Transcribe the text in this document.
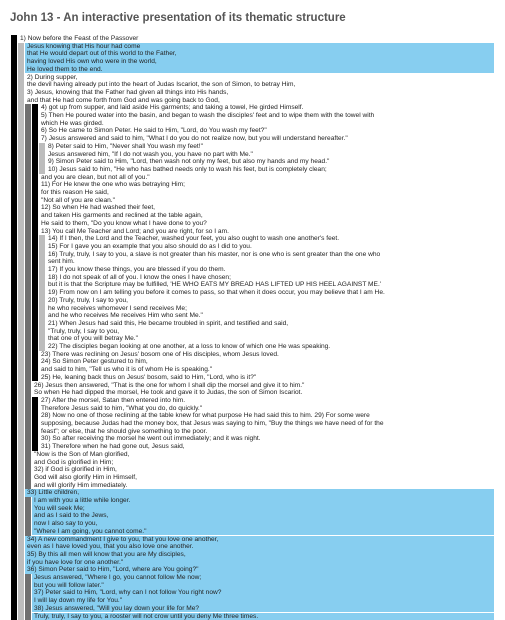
John 13 - An interactive presentation of its thematic structure
1) Now before the Feast of the Passover
Jesus knowing that His hour had come
that He would depart out of this world to the Father,
having loved His own who were in the world,
He loved them to the end.
2) During supper,
the devil having already put into the heart of Judas Iscariot, the son of Simon, to betray Him,
3) Jesus, knowing that the Father had given all things into His hands,
and that He had come forth from God and was going back to God,
4) got up from supper, and laid aside His garments; and taking a towel, He girded Himself.
5) Then He poured water into the basin, and began to wash the disciples' feet and to wipe them with the towel with
which He was girded.
6) So He came to Simon Peter. He said to Him, "Lord, do You wash my feet?"
7) Jesus answered and said to him, "What I do you do not realize now, but you will understand hereafter."
8) Peter said to Him, "Never shall You wash my feet!"
Jesus answered him, "If I do not wash you, you have no part with Me."
9) Simon Peter said to Him, "Lord, then wash not only my feet, but also my hands and my head."
10) Jesus said to him, "He who has bathed needs only to wash his feet, but is completely clean;
and you are clean, but not all of you."
11) For He knew the one who was betraying Him;
for this reason He said,
"Not all of you are clean."
12) So when He had washed their feet,
and taken His garments and reclined at the table again,
He said to them, "Do you know what I have done to you?
13) You call Me Teacher and Lord; and you are right, for so I am.
14) If I then, the Lord and the Teacher, washed your feet, you also ought to wash one another's feet.
15) For I gave you an example that you also should do as I did to you.
16) Truly, truly, I say to you, a slave is not greater than his master, nor is one who is sent greater than the one who
sent him.
17) If you know these things, you are blessed if you do them.
18) I do not speak of all of you. I know the ones I have chosen;
but it is that the Scripture may be fulfilled, 'HE WHO EATS MY BREAD HAS LIFTED UP HIS HEEL AGAINST ME.'
19) From now on I am telling you before it comes to pass, so that when it does occur, you may believe that I am He.
20) Truly, truly, I say to you,
he who receives whomever I send receives Me;
and he who receives Me receives Him who sent Me."
21) When Jesus had said this, He became troubled in spirit, and testified and said,
"Truly, truly, I say to you,
that one of you will betray Me."
22) The disciples began looking at one another, at a loss to know of which one He was speaking.
23) There was reclining on Jesus' bosom one of His disciples, whom Jesus loved.
24) So Simon Peter gestured to him,
and said to him, "Tell us who it is of whom He is speaking."
25) He, leaning back thus on Jesus' bosom, said to Him, "Lord, who is it?"
26) Jesus then answered, "That is the one for whom I shall dip the morsel and give it to him."
So when He had dipped the morsel, He took and gave it to Judas, the son of Simon Iscariot.
27) After the morsel, Satan then entered into him.
Therefore Jesus said to him, "What you do, do quickly."
28) Now no one of those reclining at the table knew for what purpose He had said this to him. 29) For some were
supposing, because Judas had the money box, that Jesus was saying to him, "Buy the things we have need of for the
feast"; or else, that he should give something to the poor.
30) So after receiving the morsel he went out immediately; and it was night.
31) Therefore when he had gone out, Jesus said,
"Now is the Son of Man glorified,
and God is glorified in Him;
32) if God is glorified in Him,
God will also glorify Him in Himself,
and will glorify Him immediately.
33) Little children,
I am with you a little while longer.
You will seek Me;
and as I said to the Jews,
now I also say to you,
"Where I am going, you cannot come."
34) A new commandment I give to you, that you love one another,
even as I have loved you, that you also love one another.
35) By this all men will know that you are My disciples,
if you have love for one another."
36) Simon Peter said to Him, "Lord, where are You going?"
Jesus answered, "Where I go, you cannot follow Me now;
but you will follow later."
37) Peter said to Him, "Lord, why can I not follow You right now?
I will lay down my life for You."
38) Jesus answered, "Will you lay down your life for Me?
Truly, truly, I say to you, a rooster will not crow until you deny Me three times.
